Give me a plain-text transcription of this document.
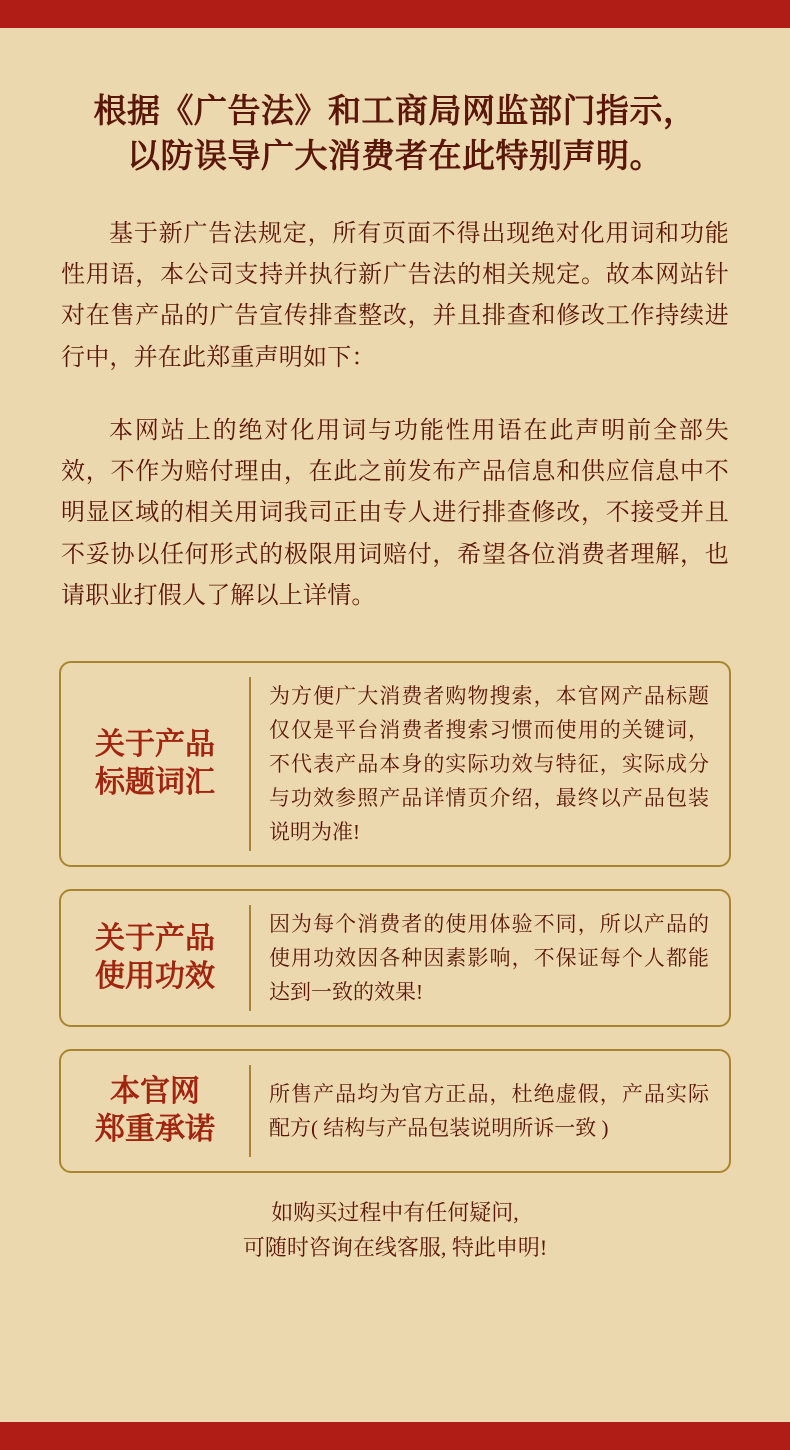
根据《广告法》和工商局网监部门指示，
以防误导广大消费者在此特别声明。

基于新广告法规定，所有页面不得出现绝对化用词和功能性用语，本公司支持并执行新广告法的相关规定。故本网站针对在售产品的广告宣传排查整改，并且排查和修改工作持续进行中，并在此郑重声明如下：

本网站上的绝对化用词与功能性用语在此声明前全部失效，不作为赔付理由，在此之前发布产品信息和供应信息中不明显区域的相关用词我司正由专人进行排查修改，不接受并且不妥协以任何形式的极限用词赔付，希望各位消费者理解，也请职业打假人了解以上详情。

关于产品
标题词汇
为方便广大消费者购物搜索，本官网产品标题仅仅是平台消费者搜索习惯而使用的关键词，不代表产品本身的实际功效与特征，实际成分与功效参照产品详情页介绍，最终以产品包装说明为准!
关于产品
使用功效
因为每个消费者的使用体验不同，所以产品的使用功效因各种因素影响，不保证每个人都能达到一致的效果!
本官网
郑重承诺
所售产品均为官方正品，杜绝虚假，产品实际配方( 结构与产品包装说明所诉一致 )
如购买过程中有任何疑问,
可随时咨询在线客服, 特此申明!
